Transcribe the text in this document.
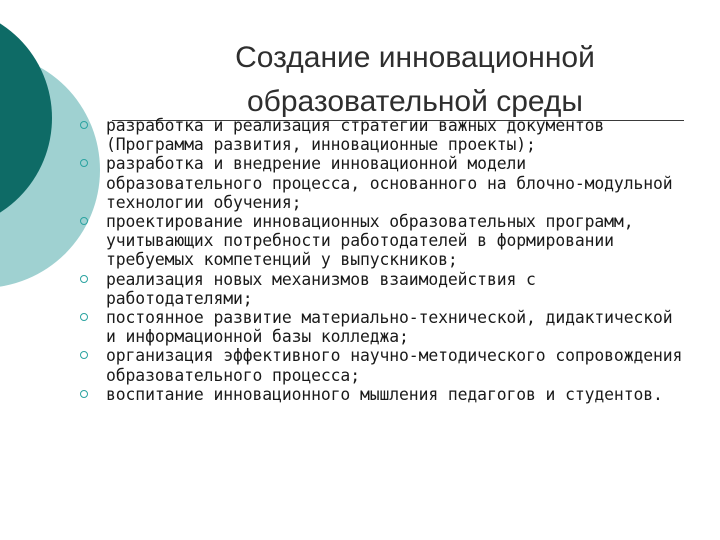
Создание инновационной
образовательной среды
разработка и реализация стратегии важных документов (Программа развития, инновационные проекты);
разработка и внедрение инновационной модели образовательного процесса, основанного на блочно-модульной технологии обучения;
проектирование инновационных образовательных программ, учитывающих потребности работодателей в формировании требуемых компетенций у выпускников;
реализация новых механизмов взаимодействия с работодателями;
постоянное развитие материально-технической, дидактической и информационной базы колледжа;
организация эффективного научно-методического сопровождения образовательного процесса;
воспитание инновационного мышления педагогов и студентов.
